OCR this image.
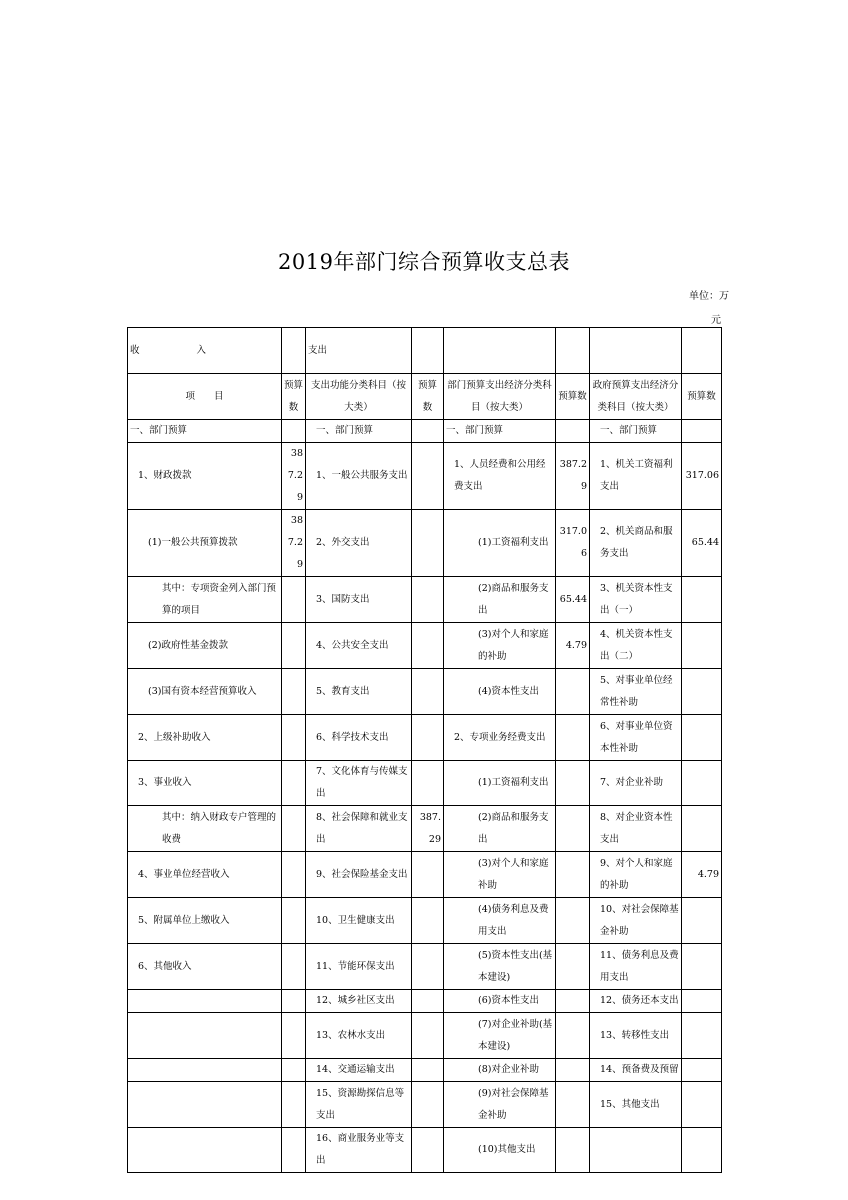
2019年部门综合预算收支总表
单位：万
元
收　　　　　　入		支出					
项　　目	预算数	支出功能分类科目（按大类）	预算数	部门预算支出经济分类科目（按大类）	预算数	政府预算支出经济分类科目（按大类）	预算数
一、部门预算		一、部门预算		一、部门预算		一、部门预算	
1、财政拨款	387.29	1、一般公共服务支出		1、人员经费和公用经费支出	387.29	1、机关工资福利支出	317.06
(1)一般公共预算拨款	387.29	2、外交支出		(1)工资福利支出	317.06	2、机关商品和服务支出	65.44
其中：专项资金列入部门预算的项目		3、国防支出		(2)商品和服务支出	65.44	3、机关资本性支出（一）	
(2)政府性基金拨款		4、公共安全支出		(3)对个人和家庭的补助	4.79	4、机关资本性支出（二）	
(3)国有资本经营预算收入		5、教育支出		(4)资本性支出		5、对事业单位经常性补助	
2、上级补助收入		6、科学技术支出		2、专项业务经费支出		6、对事业单位资本性补助	
3、事业收入		7、文化体育与传媒支出		(1)工资福利支出		7、对企业补助	
其中：纳入财政专户管理的收费		8、社会保障和就业支出	387.29	(2)商品和服务支出		8、对企业资本性支出	
4、事业单位经营收入		9、社会保险基金支出		(3)对个人和家庭补助		9、对个人和家庭的补助	4.79
5、附属单位上缴收入		10、卫生健康支出		(4)债务利息及费用支出		10、对社会保障基金补助	
6、其他收入		11、节能环保支出		(5)资本性支出(基本建设)		11、债务利息及费用支出	
		12、城乡社区支出		(6)资本性支出		12、债务还本支出	
		13、农林水支出		(7)对企业补助(基本建设)		13、转移性支出	
		14、交通运输支出		(8)对企业补助		14、预备费及预留	
		15、资源勘探信息等支出		(9)对社会保障基金补助		15、其他支出	
		16、商业服务业等支出		(10)其他支出			
